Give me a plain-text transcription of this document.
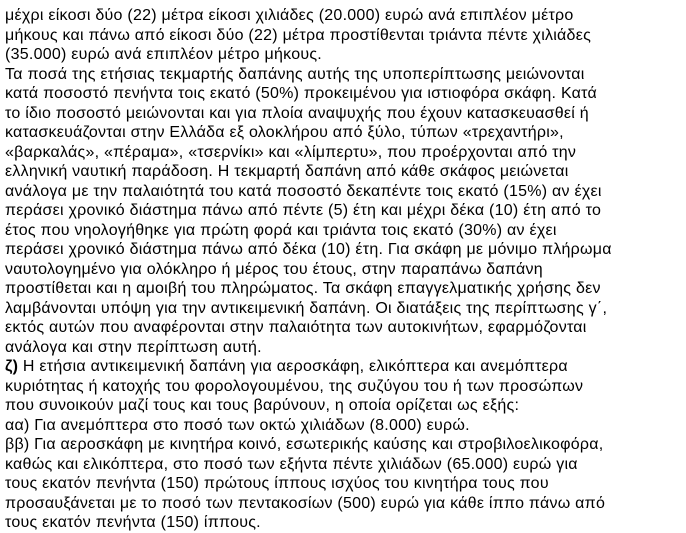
μέχρι είκοσι δύο (22) μέτρα είκοσι χιλιάδες (20.000) ευρώ ανά επιπλέον μέτρο
μήκους και πάνω από είκοσι δύο (22) μέτρα προστίθενται τριάντα πέντε χιλιάδες
(35.000) ευρώ ανά επιπλέον μέτρο μήκους.
Τα ποσά της ετήσιας τεκμαρτής δαπάνης αυτής της υποπερίπτωσης μειώνονται
κατά ποσοστό πενήντα τοις εκατό (50%) προκειμένου για ιστιοφόρα σκάφη. Κατά
το ίδιο ποσοστό μειώνονται και για πλοία αναψυχής που έχουν κατασκευασθεί ή
κατασκευάζονται στην Ελλάδα εξ ολοκλήρου από ξύλο, τύπων «τρεχαντήρι»,
«βαρκαλάς», «πέραμα», «τσερνίκι» και «λίμπερτυ», που προέρχονται από την
ελληνική ναυτική παράδοση. Η τεκμαρτή δαπάνη από κάθε σκάφος μειώνεται
ανάλογα με την παλαιότητά του κατά ποσοστό δεκαπέντε τοις εκατό (15%) αν έχει
περάσει χρονικό διάστημα πάνω από πέντε (5) έτη και μέχρι δέκα (10) έτη από το
έτος που νηολογήθηκε για πρώτη φορά και τριάντα τοις εκατό (30%) αν έχει
περάσει χρονικό διάστημα πάνω από δέκα (10) έτη. Για σκάφη με μόνιμο πλήρωμα
ναυτολογημένο για ολόκληρο ή μέρος του έτους, στην παραπάνω δαπάνη
προστίθεται και η αμοιβή του πληρώματος. Τα σκάφη επαγγελματικής χρήσης δεν
λαμβάνονται υπόψη για την αντικειμενική δαπάνη. Οι διατάξεις της περίπτωσης γ΄,
εκτός αυτών που αναφέρονται στην παλαιότητα των αυτοκινήτων, εφαρμόζονται
ανάλογα και στην περίπτωση αυτή.
ζ) Η ετήσια αντικειμενική δαπάνη για αεροσκάφη, ελικόπτερα και ανεμόπτερα
κυριότητας ή κατοχής του φορολογουμένου, της συζύγου του ή των προσώπων
που συνοικούν μαζί τους και τους βαρύνουν, η οποία ορίζεται ως εξής:
αα) Για ανεμόπτερα στο ποσό των οκτώ χιλιάδων (8.000) ευρώ.
ββ) Για αεροσκάφη με κινητήρα κοινό, εσωτερικής καύσης και στροβιλοελικοφόρα,
καθώς και ελικόπτερα, στο ποσό των εξήντα πέντε χιλιάδων (65.000) ευρώ για
τους εκατόν πενήντα (150) πρώτους ίππους ισχύος του κινητήρα τους που
προσαυξάνεται με το ποσό των πεντακοσίων (500) ευρώ για κάθε ίππο πάνω από
τους εκατόν πενήντα (150) ίππους.
